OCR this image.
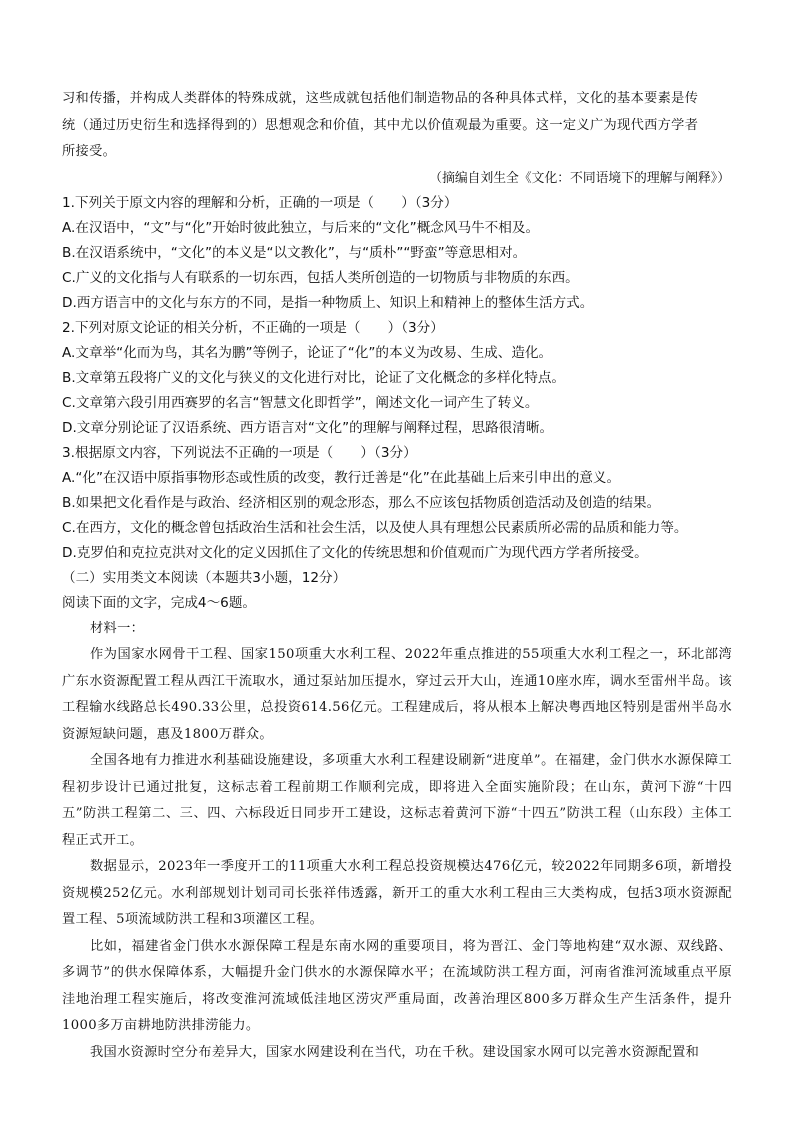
习和传播，并构成人类群体的特殊成就，这些成就包括他们制造物品的各种具体式样，文化的基本要素是传

统（通过历史衍生和选择得到的）思想观念和价值，其中尤以价值观最为重要。这一定义广为现代西方学者

所接受。

（摘编自刘生全《文化：不同语境下的理解与阐释》）

1.下列关于原文内容的理解和分析，正确的一项是（　　）（3分）

A.在汉语中，“文”与“化”开始时彼此独立，与后来的“文化”概念风马牛不相及。

B.在汉语系统中，“文化”的本义是“以文教化”，与“质朴”“野蛮”等意思相对。

C.广义的文化指与人有联系的一切东西，包括人类所创造的一切物质与非物质的东西。

D.西方语言中的文化与东方的不同，是指一种物质上、知识上和精神上的整体生活方式。

2.下列对原文论证的相关分析，不正确的一项是（　　）（3分）

A.文章举“化而为鸟，其名为鹏”等例子，论证了“化”的本义为改易、生成、造化。

B.文章第五段将广义的文化与狭义的文化进行对比，论证了文化概念的多样化特点。

C.文章第六段引用西赛罗的名言“智慧文化即哲学”，阐述文化一词产生了转义。

D.文章分别论证了汉语系统、西方语言对“文化”的理解与阐释过程，思路很清晰。

3.根据原文内容，下列说法不正确的一项是（　　）（3分）

A.“化”在汉语中原指事物形态或性质的改变，教行迁善是“化”在此基础上后来引申出的意义。

B.如果把文化看作是与政治、经济相区别的观念形态，那么不应该包括物质创造活动及创造的结果。

C.在西方，文化的概念曾包括政治生活和社会生活，以及使人具有理想公民素质所必需的品质和能力等。

D.克罗伯和克拉克洪对文化的定义因抓住了文化的传统思想和价值观而广为现代西方学者所接受。

（二）实用类文本阅读（本题共3小题，12分）

阅读下面的文字，完成4～6题。

材料一：

作为国家水网骨干工程、国家150项重大水利工程、2022年重点推进的55项重大水利工程之一，环北部湾广东水资源配置工程从西江干流取水，通过泵站加压提水，穿过云开大山，连通10座水库，调水至雷州半岛。该工程输水线路总长490.33公里，总投资614.56亿元。工程建成后，将从根本上解决粤西地区特别是雷州半岛水资源短缺问题，惠及1800万群众。

全国各地有力推进水利基础设施建设，多项重大水利工程建设刷新“进度单”。在福建，金门供水水源保障工程初步设计已通过批复，这标志着工程前期工作顺利完成，即将进入全面实施阶段；在山东，黄河下游“十四五”防洪工程第二、三、四、六标段近日同步开工建设，这标志着黄河下游“十四五”防洪工程（山东段）主体工程正式开工。

数据显示，2023年一季度开工的11项重大水利工程总投资规模达476亿元，较2022年同期多6项，新增投资规模252亿元。水利部规划计划司司长张祥伟透露，新开工的重大水利工程由三大类构成，包括3项水资源配置工程、5项流域防洪工程和3项灌区工程。

比如，福建省金门供水水源保障工程是东南水网的重要项目，将为晋江、金门等地构建“双水源、双线路、多调节”的供水保障体系，大幅提升金门供水的水源保障水平；在流域防洪工程方面，河南省淮河流域重点平原洼地治理工程实施后，将改变淮河流域低洼地区涝灾严重局面，改善治理区800多万群众生产生活条件，提升1000多万亩耕地防洪排涝能力。

我国水资源时空分布差异大，国家水网建设利在当代，功在千秋。建设国家水网可以完善水资源配置和
